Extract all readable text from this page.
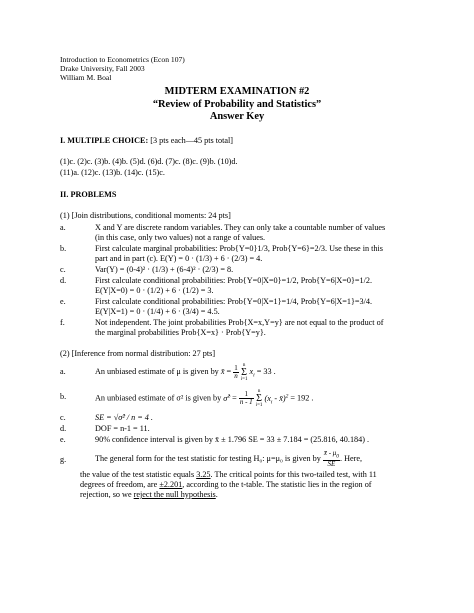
Introduction to Econometrics (Econ 107)
Drake University, Fall 2003
William M. Boal
MIDTERM EXAMINATION #2
“Review of Probability and Statistics”
Answer Key
I. MULTIPLE CHOICE: [3 pts each—45 pts total]
(1)c. (2)c. (3)b. (4)b. (5)d. (6)d. (7)c. (8)c. (9)b. (10)d.
(11)a. (12)c. (13)b. (14)c. (15)c.
II. PROBLEMS
(1) [Join distributions, conditional moments: 24 pts]
a.	X and Y are discrete random variables. They can only take a countable number of values
(in this case, only two values) not a range of values.
b.	First calculate marginal probabilities: Prob{Y=0}1/3, Prob{Y=6}=2/3. Use these in this
part and in part (c). E(Y) = 0 · (1/3) + 6 · (2/3) = 4.
c.	Var(Y) = (0-4)² · (1/3) + (6-4)² · (2/3) = 8.
d.	First calculate conditional probabilities: Prob{Y=0|X=0}=1/2, Prob{Y=6|X=0}=1/2.
E(Y|X=0) = 0 · (1/2) + 6 · (1/2) = 3.
e.	First calculate conditional probabilities: Prob{Y=0|X=1}=1/4, Prob{Y=6|X=1}=3/4.
E(Y|X=1) = 0 · (1/4) + 6 · (3/4) = 4.5.
f.	Not independent. The joint probabilities Prob{X=x,Y=y} are not equal to the product of
the marginal probabilities Prob{X=x} · Prob{Y=y}.
(2) [Inference from normal distribution: 27 pts]
a.	An unbiased estimate of μ is given by x̄ = $\frac{1}{n}$ n
Σ
i=1 $x_i = 33$ .
b.	An unbiased estimate of σ² is given by σ̂$^2$ = $\frac{1}{n - 1}$ n
Σ
i=1 ($x_i$ - x̄)$^2$ = 192 .
c.	SE = √σ̂² / n = 4 .
d.	DOF = n-1 = 11.
e.	90% confidence interval is given by x̄ ± 1.796 SE = 33 ± 7.184 = (25.816, 40.184) .
g.	The general form for the test statistic for testing H₀: μ=μ₀ is given by $\frac{x̄ - \mu_0}{SE}$ . Here,
the value of the test statistic equals 3.25. The critical points for this two-tailed test, with 11
degrees of freedom, are ±2.201, according to the t-table. The statistic lies in the region of
rejection, so we reject the null hypothesis.
